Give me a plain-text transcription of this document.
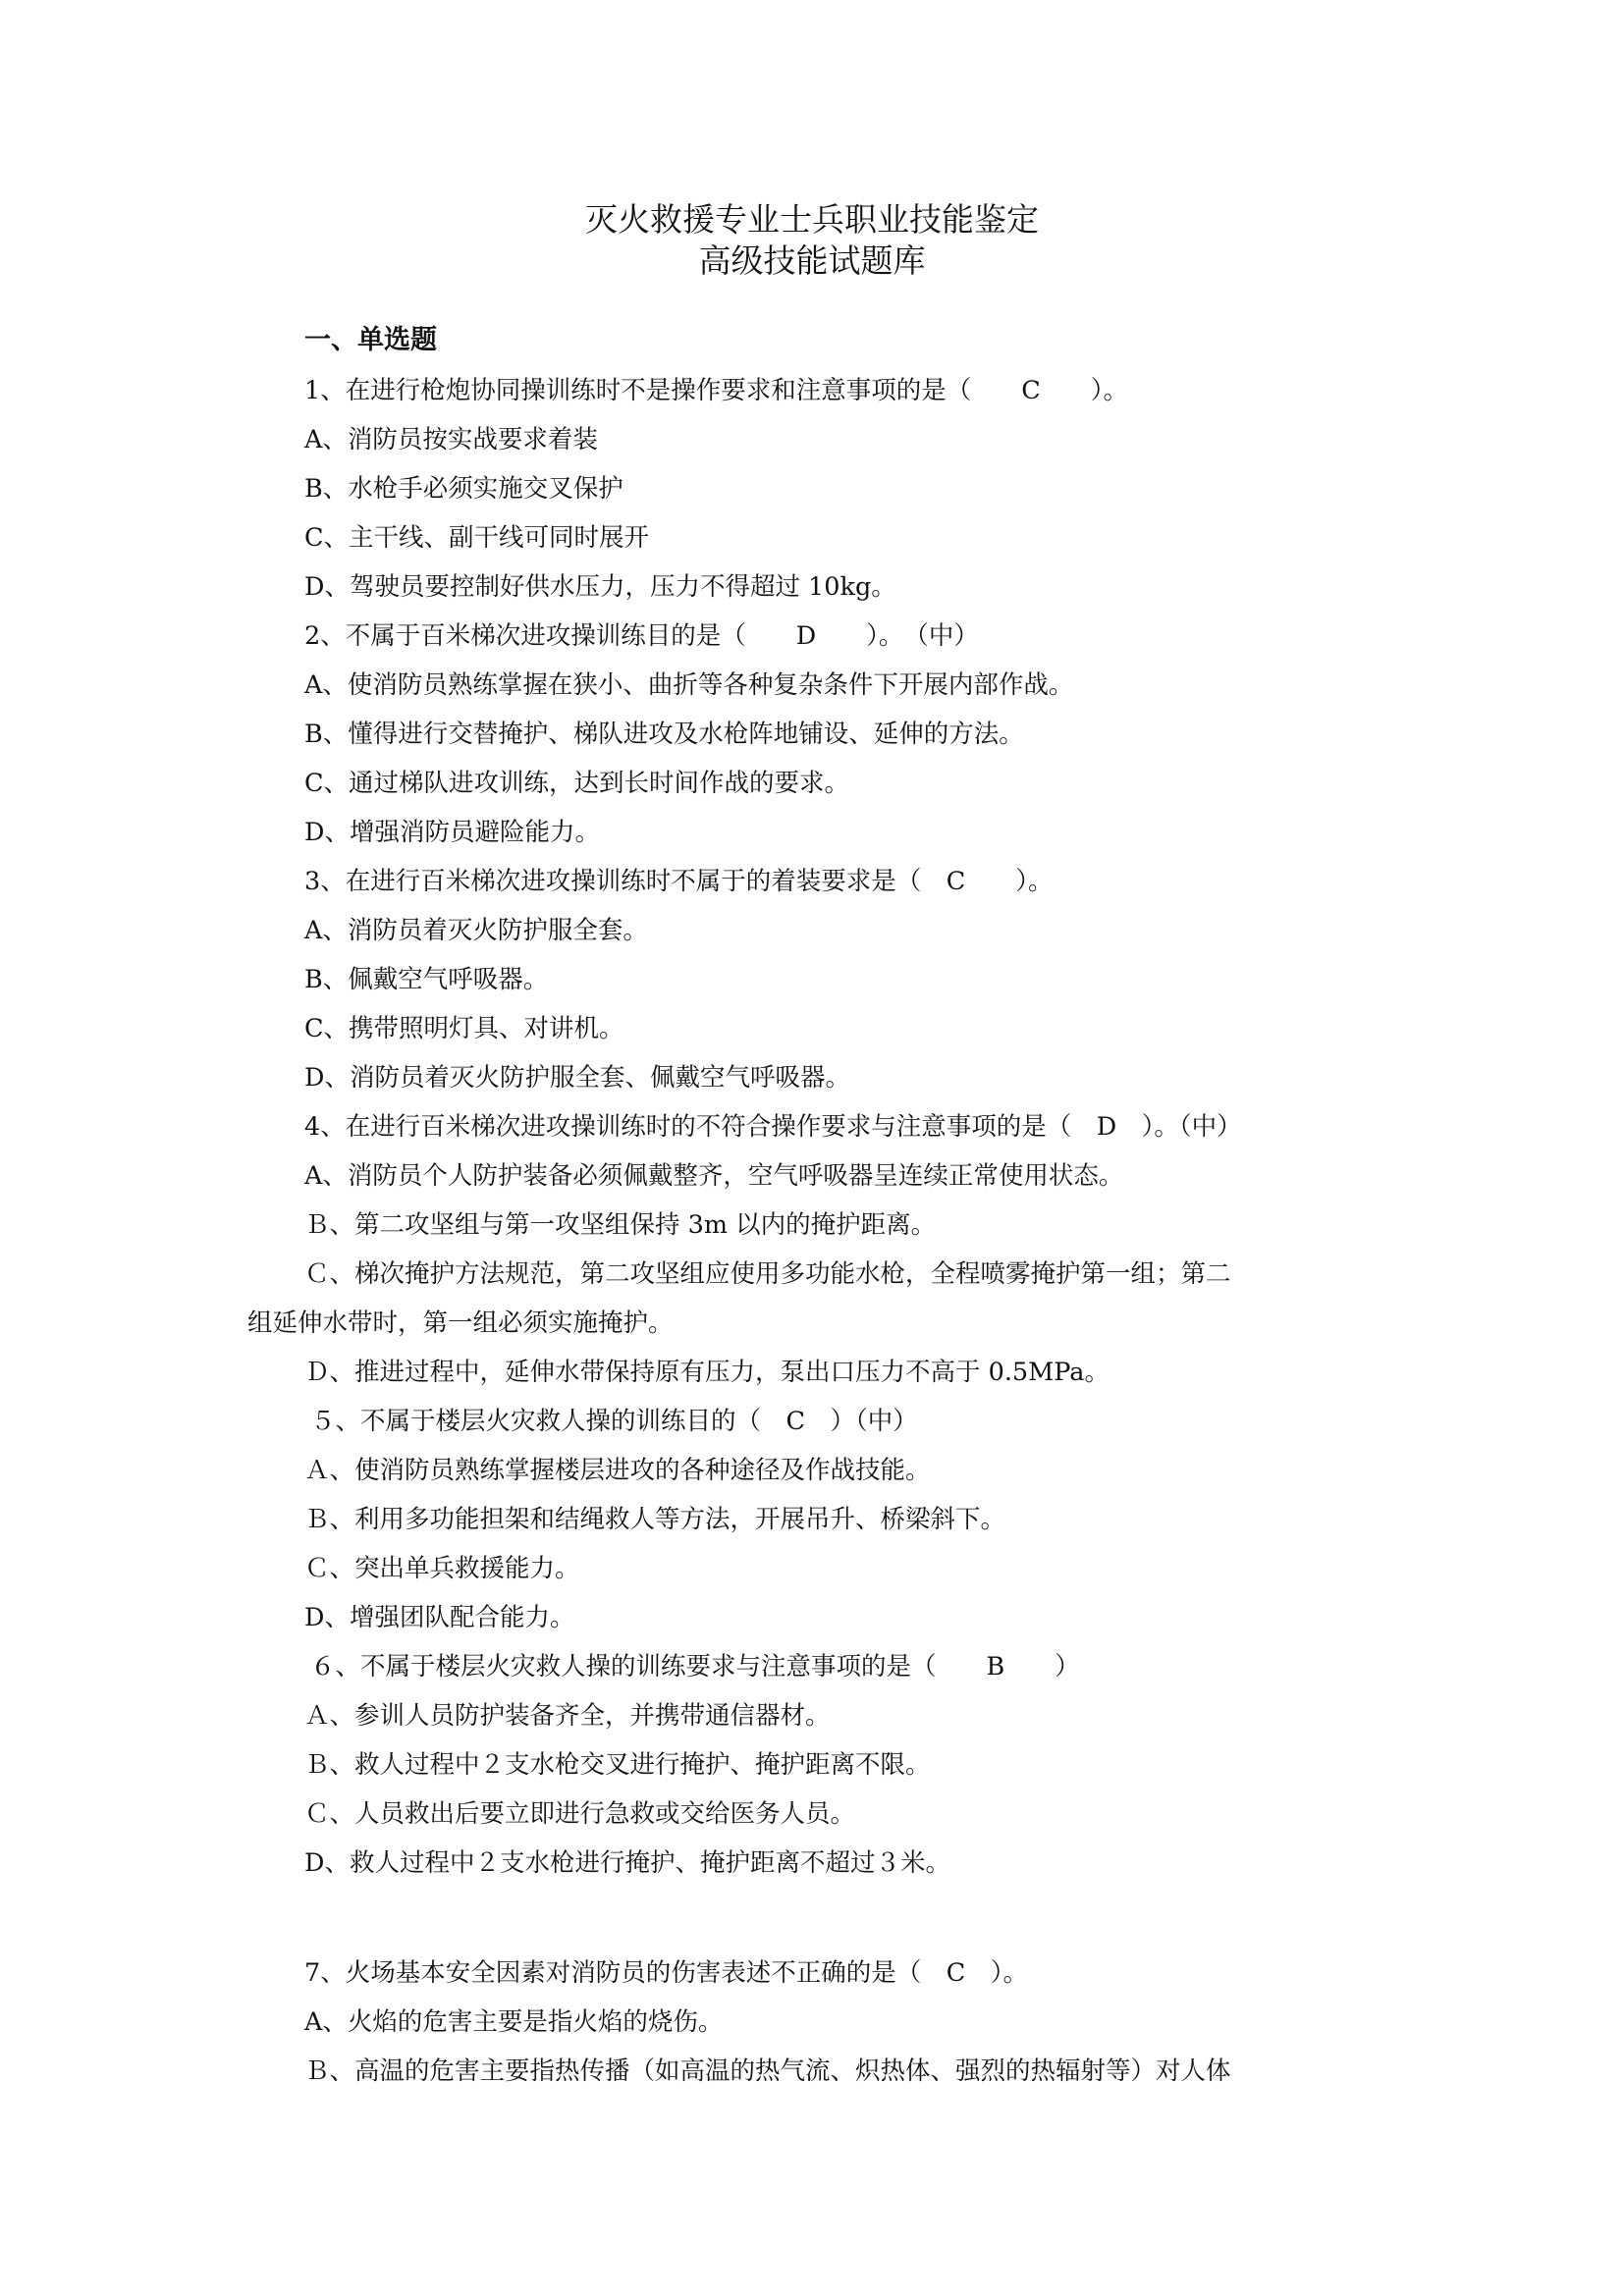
灭火救援专业士兵职业技能鉴定
高级技能试题库
一、单选题
1、在进行枪炮协同操训练时不是操作要求和注意事项的是（　　C　　）。
A、消防员按实战要求着装
B、水枪手必须实施交叉保护
C、主干线、副干线可同时展开
D、驾驶员要控制好供水压力，压力不得超过 10kg。
2、不属于百米梯次进攻操训练目的是（　　D　　）。　（中）
A、使消防员熟练掌握在狭小、曲折等各种复杂条件下开展内部作战。
B、懂得进行交替掩护、梯队进攻及水枪阵地铺设、延伸的方法。
C、通过梯队进攻训练，达到长时间作战的要求。
D、增强消防员避险能力。
3、在进行百米梯次进攻操训练时不属于的着装要求是（　C　　）。
A、消防员着灭火防护服全套。
B、佩戴空气呼吸器。
C、携带照明灯具、对讲机。
D、消防员着灭火防护服全套、佩戴空气呼吸器。
4、在进行百米梯次进攻操训练时的不符合操作要求与注意事项的是（　D　）。（中）
A、消防员个人防护装备必须佩戴整齐，空气呼吸器呈连续正常使用状态。
Ｂ、第二攻坚组与第一攻坚组保持 3m 以内的掩护距离。
Ｃ、梯次掩护方法规范，第二攻坚组应使用多功能水枪，全程喷雾掩护第一组；第二
组延伸水带时，第一组必须实施掩护。
Ｄ、推进过程中，延伸水带保持原有压力，泵出口压力不高于 0.5MPa。
５、不属于楼层火灾救人操的训练目的（　C　）（中）
Ａ、使消防员熟练掌握楼层进攻的各种途径及作战技能。
Ｂ、利用多功能担架和结绳救人等方法，开展吊升、桥梁斜下。
Ｃ、突出单兵救援能力。
D、增强团队配合能力。
６、不属于楼层火灾救人操的训练要求与注意事项的是（　　B　　）
Ａ、参训人员防护装备齐全，并携带通信器材。
Ｂ、救人过程中２支水枪交叉进行掩护、掩护距离不限。
Ｃ、人员救出后要立即进行急救或交给医务人员。
D、救人过程中２支水枪进行掩护、掩护距离不超过３米。
7、火场基本安全因素对消防员的伤害表述不正确的是（　C　）。
A、火焰的危害主要是指火焰的烧伤。
Ｂ、高温的危害主要指热传播（如高温的热气流、炽热体、强烈的热辐射等）对人体
